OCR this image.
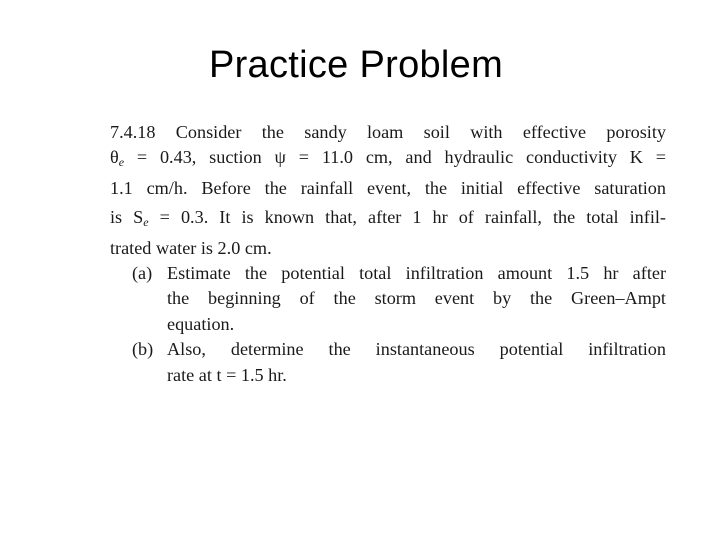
Practice Problem
7.4.18 Consider the sandy loam soil with effective porosity
$\theta_e = 0.43$, suction ψ = 11.0 cm, and hydraulic conductivity K =
1.1 cm/h. Before the rainfall event, the initial effective saturation
is $S_e = 0.3$. It is known that, after 1 hr of rainfall, the total infil-
trated water is 2.0 cm.
(a) Estimate the potential total infiltration amount 1.5 hr after
the beginning of the storm event by the Green–Ampt
equation.
(b) Also, determine the instantaneous potential infiltration
rate at t = 1.5 hr.
